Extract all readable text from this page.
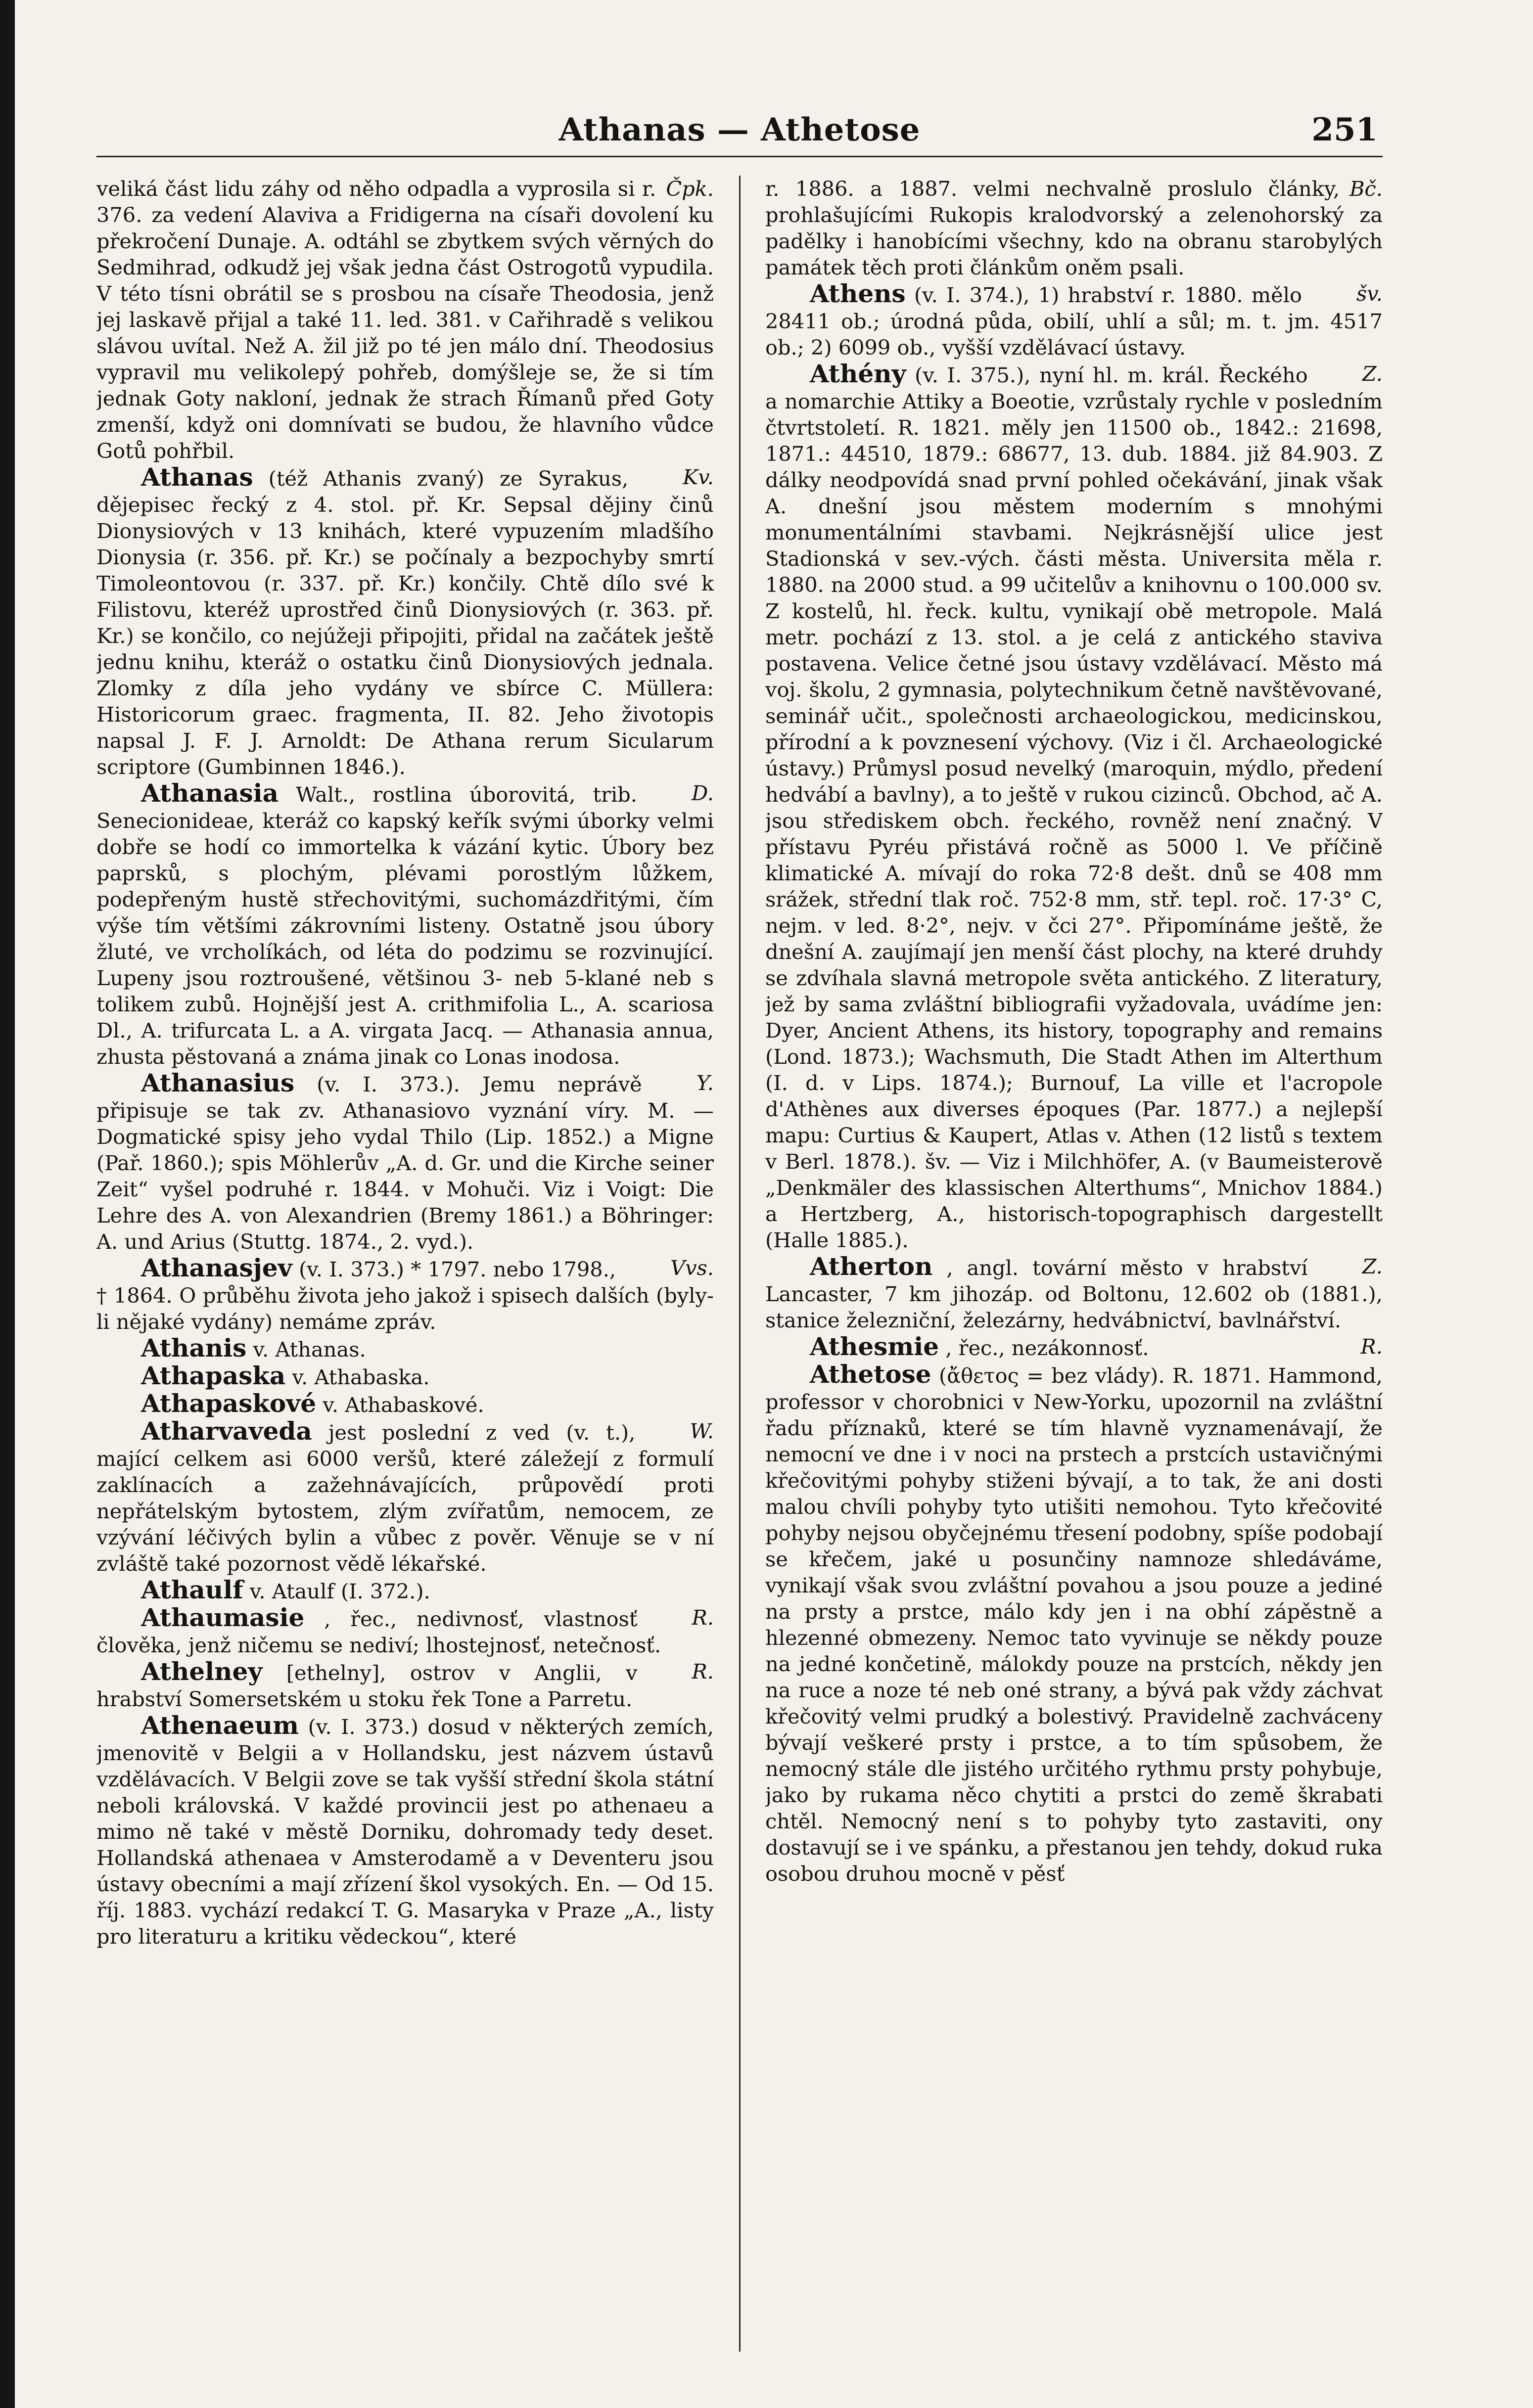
Athanas — Athetose	251

Čpk.
veliká část lidu záhy od něho odpadla a vyprosila si r. 376. za vedení Alaviva a Fridigerna na císaři dovolení ku překročení Dunaje. A. odtáhl se zbytkem svých věrných do Sedmihrad, odkudž jej však jedna část Ostrogotů vypudila. V této tísni obrátil se s prosbou na císaře Theodosia, jenž jej laskavě přijal a také 11. led. 381. v Cařihradě s velikou slávou uvítal. Než A. žil již po té jen málo dní. Theodosius vypravil mu velikolepý pohřeb, domýšleje se, že si tím jednak Goty nakloní, jednak že strach Římanů před Goty zmenší, když oni domnívati se budou, že hlavního vůdce Gotů pohřbil.

Kv.
Athanas (též Athanis zvaný) ze Syrakus, dějepisec řecký z 4. stol. př. Kr. Sepsal dějiny činů Dionysiových v 13 knihách, které vypuzením mladšího Dionysia (r. 356. př. Kr.) se počínaly a bezpochyby smrtí Timoleontovou (r. 337. př. Kr.) končily. Chtě dílo své k Filistovu, kteréž uprostřed činů Dionysiových (r. 363. př. Kr.) se končilo, co nejúžeji připojiti, přidal na začátek ještě jednu knihu, kteráž o ostatku činů Dionysiových jednala. Zlomky z díla jeho vydány ve sbírce C. Müllera: Historicorum graec. fragmenta, II. 82. Jeho životopis napsal J. F. J. Arnoldt: De Athana rerum Sicularum scriptore (Gumbinnen 1846.).

D.
Athanasia Walt., rostlina úborovitá, trib. Senecionideae, kteráž co kapský keřík svými úborky velmi dobře se hodí co immortelka k vázání kytic. Úbory bez paprsků, s plochým, plévami porostlým lůžkem, podepřeným hustě střechovitými, suchomázdřitými, čím výše tím většími zákrovními listeny. Ostatně jsou úbory žluté, ve vrcholíkách, od léta do podzimu se rozvinující. Lupeny jsou roztroušené, většinou 3- neb 5-klané neb s tolikem zubů. Hojnější jest A. crithmifolia L., A. scariosa Dl., A. trifurcata L. a A. virgata Jacq. — Athanasia annua, zhusta pěstovaná a známa jinak co Lonas inodosa.

Y.
Athanasius (v. I. 373.). Jemu neprávě připisuje se tak zv. Athanasiovo vyznání víry. M. — Dogmatické spisy jeho vydal Thilo (Lip. 1852.) a Migne (Pař. 1860.); spis Möhlerův „A. d. Gr. und die Kirche seiner Zeit“ vyšel podruhé r. 1844. v Mohuči. Viz i Voigt: Die Lehre des A. von Alexandrien (Bremy 1861.) a Böhringer: A. und Arius (Stuttg. 1874., 2. vyd.).

Vvs.
Athanasjev (v. I. 373.) * 1797. nebo 1798., † 1864. O průběhu života jeho jakož i spisech dalších (byly-li nějaké vydány) nemáme zpráv.

Athanis v. Athanas.

Athapaska v. Athabaska.

Athapaskové v. Athabaskové.

W.
Atharvaveda jest poslední z ved (v. t.), mající celkem asi 6000 veršů, které záležejí z formulí zaklínacích a zažehnávajících, průpovědí proti nepřátelským bytostem, zlým zvířatům, nemocem, ze vzývání léčivých bylin a vůbec z pověr. Věnuje se v ní zvláště také pozornost vědě lékařské.

Athaulf v. Ataulf (I. 372.).

R.
Athaumasie , řec., nedivnosť, vlastnosť člověka, jenž ničemu se nediví; lhostejnosť, netečnosť.

R.
Athelney [ethelny], ostrov v Anglii, v hrabství Somersetském u stoku řek Tone a Parretu.

Athenaeum (v. I. 373.) dosud v některých zemích, jmenovitě v Belgii a v Hollandsku, jest názvem ústavů vzdělávacích. V Belgii zove se tak vyšší střední škola státní neboli královská. V každé provincii jest po athenaeu a mimo ně také v městě Dorniku, dohromady tedy deset. Hollandská athenaea v Amsterodamě a v Deventeru jsou ústavy obecními a mají zřízení škol vysokých. En. — Od 15. říj. 1883. vychází redakcí T. G. Masaryka v Praze „A., listy pro literaturu a kritiku vědeckou“, které

Bč.
r. 1886. a 1887. velmi nechvalně proslulo články, prohlašujícími Rukopis kralodvorský a zelenohorský za padělky i hanobícími všechny, kdo na obranu starobylých památek těch proti článkům oněm psali.

šv.
Athens (v. I. 374.), 1) hrabství r. 1880. mělo 28411 ob.; úrodná půda, obilí, uhlí a sůl; m. t. jm. 4517 ob.; 2) 6099 ob., vyšší vzdělávací ústavy.

Z.
Athény (v. I. 375.), nyní hl. m. král. Řeckého a nomarchie Attiky a Boeotie, vzrůstaly rychle v posledním čtvrtstoletí. R. 1821. měly jen 11500 ob., 1842.: 21698, 1871.: 44510, 1879.: 68677, 13. dub. 1884. již 84.903. Z dálky neodpovídá snad první pohled očekávání, jinak však A. dnešní jsou městem moderním s mnohými monumentálními stavbami. Nejkrásnější ulice jest Stadionská v sev.-vých. části města. Universita měla r. 1880. na 2000 stud. a 99 učitelův a knihovnu o 100.000 sv. Z kostelů, hl. řeck. kultu, vynikají obě metropole. Malá metr. pochází z 13. stol. a je celá z antického staviva postavena. Velice četné jsou ústavy vzdělávací. Město má voj. školu, 2 gymnasia, polytechnikum četně navštěvované, seminář učit., společnosti archaeologickou, medicinskou, přírodní a k povznesení výchovy. (Viz i čl. Archaeologické ústavy.) Průmysl posud nevelký (maroquin, mýdlo, předení hedvábí a bavlny), a to ještě v rukou cizinců. Obchod, ač A. jsou střediskem obch. řeckého, rovněž není značný. V přístavu Pyréu přistává ročně as 5000 l. Ve příčině klimatické A. mívají do roka 72·8 dešt. dnů se 408 mm srážek, střední tlak roč. 752·8 mm, stř. tepl. roč. 17·3° C, nejm. v led. 8·2°, nejv. v čci 27°. Připomínáme ještě, že dnešní A. zaujímají jen menší část plochy, na které druhdy se zdvíhala slavná metropole světa antického. Z literatury, jež by sama zvláštní bibliografii vyžadovala, uvádíme jen: Dyer, Ancient Athens, its history, topography and remains (Lond. 1873.); Wachsmuth, Die Stadt Athen im Alterthum (I. d. v Lips. 1874.); Burnouf, La ville et l'acropole d'Athènes aux diverses époques (Par. 1877.) a nejlepší mapu: Curtius & Kaupert, Atlas v. Athen (12 listů s textem v Berl. 1878.). šv. — Viz i Milchhöfer, A. (v Baumeisterově „Denkmäler des klassischen Alterthums“, Mnichov 1884.) a Hertzberg, A., historisch-topographisch dargestellt (Halle 1885.).

Z.
Atherton , angl. tovární město v hrabství Lancaster, 7 km jihozáp. od Boltonu, 12.602 ob (1881.), stanice železniční, železárny, hedvábnictví, bavlnářství.

R.
Athesmie , řec., nezákonnosť.

Athetose (ἄθετος = bez vlády). R. 1871. Hammond, professor v chorobnici v New-Yorku, upozornil na zvláštní řadu příznaků, které se tím hlavně vyznamenávají, že nemocní ve dne i v noci na prstech a prstcích ustavičnými křečovitými pohyby stiženi bývají, a to tak, že ani dosti malou chvíli pohyby tyto utišiti nemohou. Tyto křečovité pohyby nejsou obyčejnému třesení podobny, spíše podobají se křečem, jaké u posunčiny namnoze shledáváme, vynikají však svou zvláštní povahou a jsou pouze a jediné na prsty a prstce, málo kdy jen i na obhí zápěstně a hlezenné obmezeny. Nemoc tato vyvinuje se někdy pouze na jedné končetině, málokdy pouze na prstcích, někdy jen na ruce a noze té neb oné strany, a bývá pak vždy záchvat křečovitý velmi prudký a bolestivý. Pravidelně zachváceny bývají veškeré prsty i prstce, a to tím spůsobem, že nemocný stále dle jistého určitého rythmu prsty pohybuje, jako by rukama něco chytiti a prstci do země škrabati chtěl. Nemocný není s to pohyby tyto zastaviti, ony dostavují se i ve spánku, a přestanou jen tehdy, dokud ruka osobou druhou mocně v pěsť
